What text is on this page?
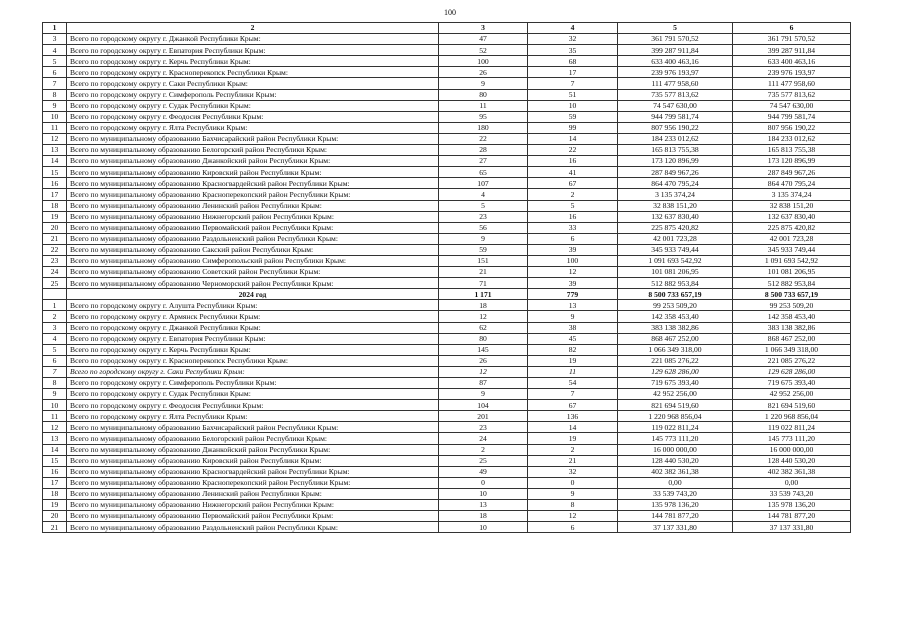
100
1	2	3	4	5	6
3	Всего по городскому округу г. Джанкой Республики Крым:	47	32	361 791 570,52	361 791 570,52
4	Всего по городскому округу г. Евпатория Республики Крым:	52	35	399 287 911,84	399 287 911,84
5	Всего по городскому округу г. Керчь Республики Крым:	100	68	633 400 463,16	633 400 463,16
6	Всего по городскому округу г. Красноперекопск Республики Крым:	26	17	239 976 193,97	239 976 193,97
7	Всего по городскому округу г. Саки Республики Крым:	9	7	111 477 958,60	111 477 958,60
8	Всего по городскому округу г. Симферополь Республики Крым:	80	51	735 577 813,62	735 577 813,62
9	Всего по городскому округу г. Судак Республики Крым:	11	10	74 547 630,00	74 547 630,00
10	Всего по городскому округу г. Феодосия Республики Крым:	95	59	944 799 581,74	944 799 581,74
11	Всего по городскому округу г. Ялта Республики Крым:	180	99	807 956 190,22	807 956 190,22
12	Всего по муниципальному образованию Бахчисарайский район Республики Крым:	22	14	184 233 012,62	184 233 012,62
13	Всего по муниципальному образованию Белогорский район Республики Крым:	28	22	165 813 755,38	165 813 755,38
14	Всего по муниципальному образованию Джанкойский район Республики Крым:	27	16	173 120 896,99	173 120 896,99
15	Всего по муниципальному образованию Кировский район Республики Крым:	65	41	287 849 967,26	287 849 967,26
16	Всего по муниципальному образованию Красногвардейский район Республики Крым:	107	67	864 470 795,24	864 470 795,24
17	Всего по муниципальному образованию Красноперекопский район Республики Крым:	4	2	3 135 374,24	3 135 374,24
18	Всего по муниципальному образованию Ленинский район Республики Крым:	5	5	32 838 151,20	32 838 151,20
19	Всего по муниципальному образованию Нижнегорский район Республики Крым:	23	16	132 637 830,40	132 637 830,40
20	Всего по муниципальному образованию Первомайский район Республики Крым:	56	33	225 875 420,82	225 875 420,82
21	Всего по муниципальному образованию Раздольненский район Республики Крым:	9	6	42 001 723,28	42 001 723,28
22	Всего по муниципальному образованию Сакский район Республики Крым:	59	39	345 933 749,44	345 933 749,44
23	Всего по муниципальному образованию Симферопольский район Республики Крым:	151	100	1 091 693 542,92	1 091 693 542,92
24	Всего по муниципальному образованию Советский район Республики Крым:	21	12	101 081 206,95	101 081 206,95
25	Всего по муниципальному образованию Черноморский район Республики Крым:	71	39	512 882 953,84	512 882 953,84
	2024 год	1 171	779	8 500 733 657,19	8 500 733 657,19
1	Всего по городскому округу г. Алушта Республики Крым:	18	13	99 253 509,20	99 253 509,20
2	Всего по городскому округу г. Армянск Республики Крым:	12	9	142 358 453,40	142 358 453,40
3	Всего по городскому округу г. Джанкой Республики Крым:	62	38	383 138 382,86	383 138 382,86
4	Всего по городскому округу г. Евпатория Республики Крым:	80	45	868 467 252,00	868 467 252,00
5	Всего по городскому округу г. Керчь Республики Крым:	145	82	1 066 349 318,00	1 066 349 318,00
6	Всего по городскому округу г. Красноперекопск Республики Крым:	26	19	221 085 276,22	221 085 276,22
7	Всего по городскому округу г. Саки Республики Крым:	12	11	129 628 286,00	129 628 286,00
8	Всего по городскому округу г. Симферополь Республики Крым:	87	54	719 675 393,40	719 675 393,40
9	Всего по городскому округу г. Судак Республики Крым:	9	7	42 952 256,00	42 952 256,00
10	Всего по городскому округу г. Феодосия Республики Крым:	104	67	821 694 519,60	821 694 519,60
11	Всего по городскому округу г. Ялта Республики Крым:	201	136	1 220 968 856,04	1 220 968 856,04
12	Всего по муниципальному образованию Бахчисарайский район Республики Крым:	23	14	119 022 811,24	119 022 811,24
13	Всего по муниципальному образованию Белогорский район Республики Крым:	24	19	145 773 111,20	145 773 111,20
14	Всего по муниципальному образованию Джанкойский район Республики Крым:	2	2	16 000 000,00	16 000 000,00
15	Всего по муниципальному образованию Кировский район Республики Крым:	25	21	128 440 530,20	128 440 530,20
16	Всего по муниципальному образованию Красногвардейский район Республики Крым:	49	32	402 382 361,38	402 382 361,38
17	Всего по муниципальному образованию Красноперекопский район Республики Крым:	0	0	0,00	0,00
18	Всего по муниципальному образованию Ленинский район Республики Крым:	10	9	33 539 743,20	33 539 743,20
19	Всего по муниципальному образованию Нижнегорский район Республики Крым:	13	8	135 978 136,20	135 978 136,20
20	Всего по муниципальному образованию Первомайский район Республики Крым:	18	12	144 781 877,20	144 781 877,20
21	Всего по муниципальному образованию Раздольненский район Республики Крым:	10	6	37 137 331,80	37 137 331,80
